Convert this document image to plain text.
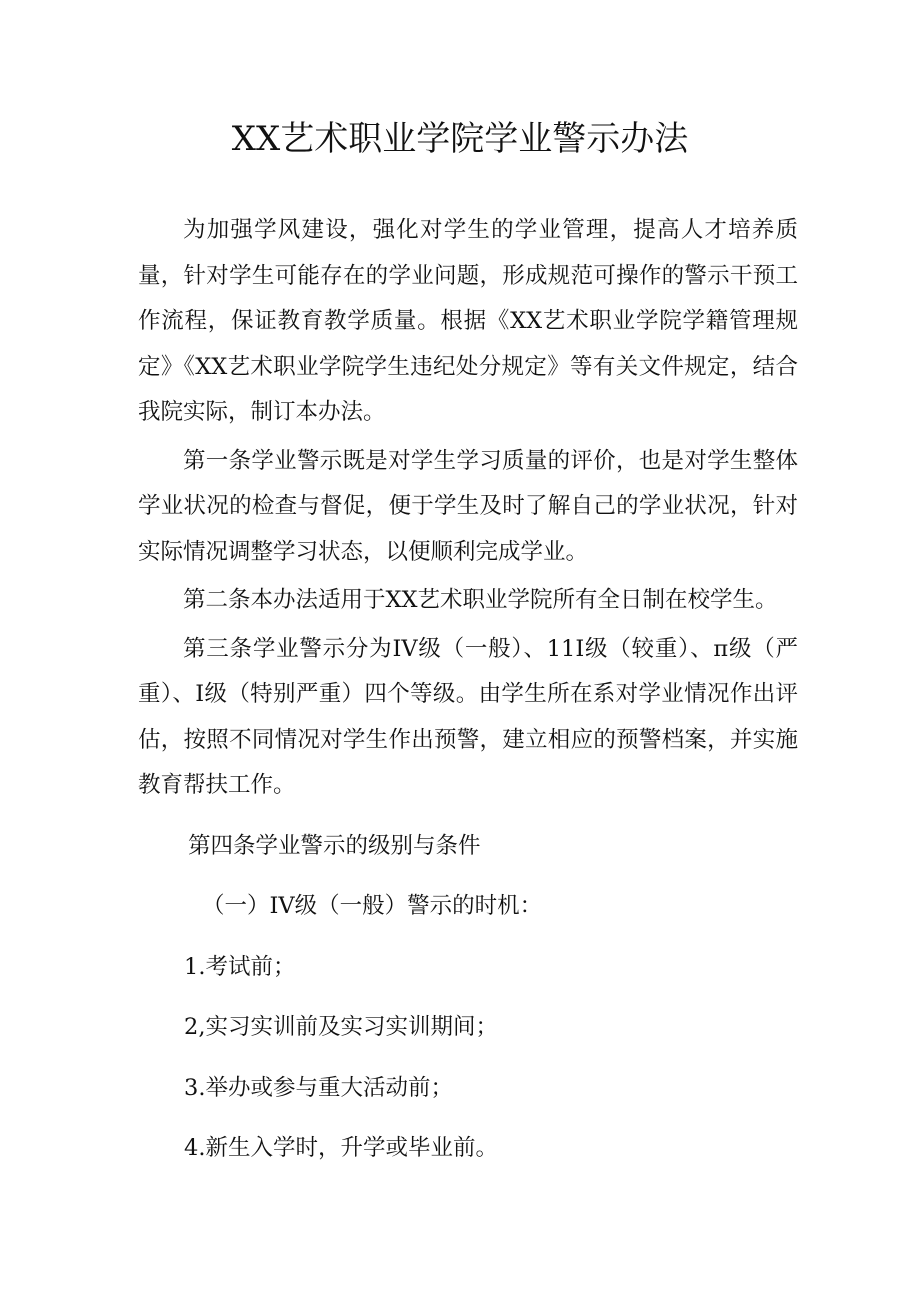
XX艺术职业学院学业警示办法

为加强学风建设，强化对学生的学业管理，提高人才培养质量，针对学生可能存在的学业问题，形成规范可操作的警示干预工作流程，保证教育教学质量。根据《XX艺术职业学院学籍管理规定》《XX艺术职业学院学生违纪处分规定》等有关文件规定，结合我院实际，制订本办法。

第一条学业警示既是对学生学习质量的评价，也是对学生整体学业状况的检查与督促，便于学生及时了解自己的学业状况，针对实际情况调整学习状态，以便顺利完成学业。

第二条本办法适用于XX艺术职业学院所有全日制在校学生。

第三条学业警示分为IV级（一般）、11I级（较重）、π级（严重）、I级（特别严重）四个等级。由学生所在系对学业情况作出评估，按照不同情况对学生作出预警，建立相应的预警档案，并实施教育帮扶工作。

第四条学业警示的级别与条件

（一）IV级（一般）警示的时机：

1.考试前；

2,实习实训前及实习实训期间；

3.举办或参与重大活动前；

4.新生入学时，升学或毕业前。
